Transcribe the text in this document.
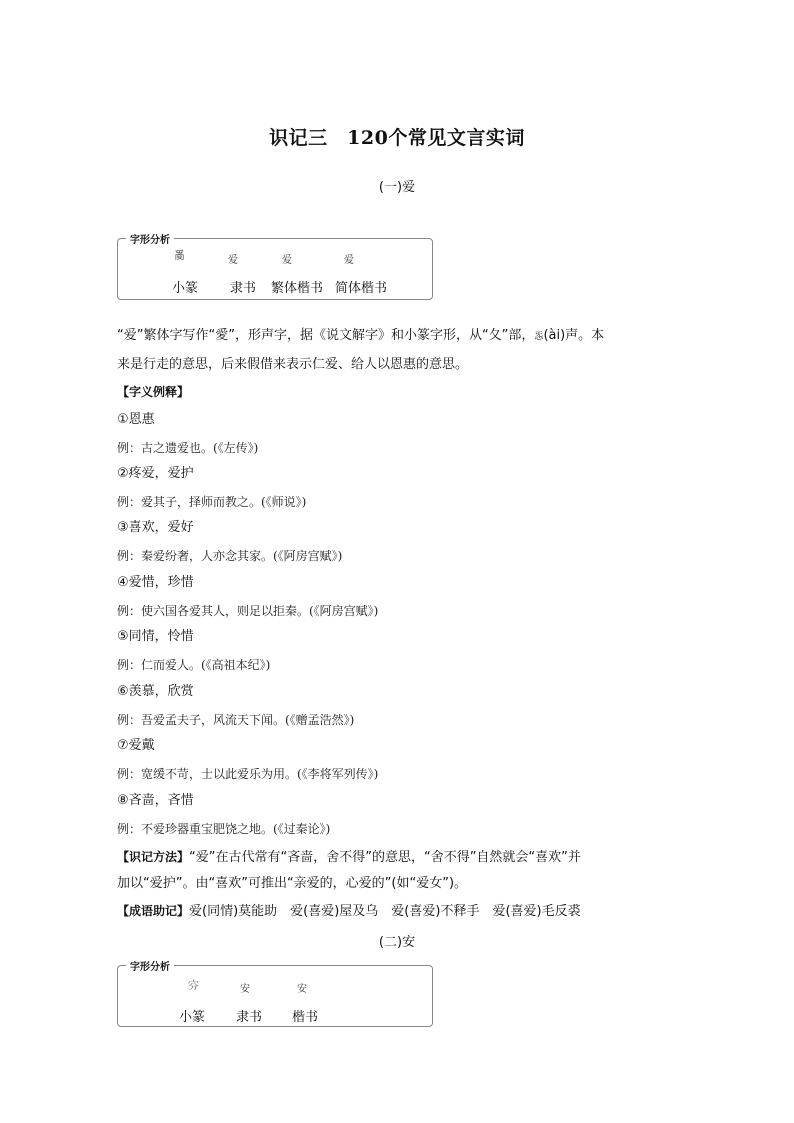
识记三　120个常见文言实词
(一)爱
字形分析
𤔔	爱	爱	爱
小篆 隶书 繁体楷书 简体楷书

“爱”繁体字写作“愛”，形声字，据《说文解字》和小篆字形，从“夂”部，㤅(ài)声。本

来是行走的意思，后来假借来表示仁爱、给人以恩惠的意思。

【字义例释】

①恩惠

例：古之遗爱也。(《左传》)

②疼爱，爱护

例：爱其子，择师而教之。(《师说》)

③喜欢，爱好

例：秦爱纷奢，人亦念其家。(《阿房宫赋》)

④爱惜，珍惜

例：使六国各爱其人，则足以拒秦。(《阿房宫赋》)

⑤同情，怜惜

例：仁而爱人。(《高祖本纪》)

⑥羡慕，欣赏

例：吾爱孟夫子，风流天下闻。(《赠孟浩然》)

⑦爱戴

例：宽缓不苛，士以此爱乐为用。(《李将军列传》)

⑧吝啬，吝惜

例：不爱珍器重宝肥饶之地。(《过秦论》)

【识记方法】“爱”在古代常有“吝啬，舍不得”的意思，“舍不得”自然就会“喜欢”并

加以“爱护”。由“喜欢”可推出“亲爱的，心爱的”(如“爱女”)。

【成语助记】爱(同情)莫能助　爱(喜爱)屋及乌　爱(喜爱)不释手　爱(喜爱)毛反裘

(二)安
字形分析
𡧋	安	安
小篆 隶书 楷书
